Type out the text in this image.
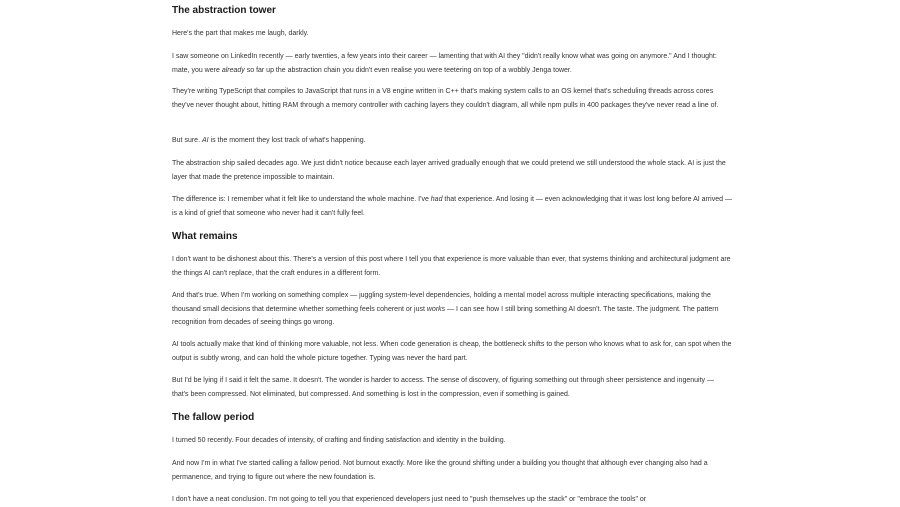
The abstraction tower

Here's the part that makes me laugh, darkly.

I saw someone on LinkedIn recently — early twenties, a few years into their career — lamenting that with AI they "didn't really know what was going on anymore." And I thought: mate, you were already so far up the abstraction chain you didn't even realise you were teetering on top of a wobbly Jenga tower.

They're writing TypeScript that compiles to JavaScript that runs in a V8 engine written in C++ that's making system calls to an OS kernel that's scheduling threads across cores they've never thought about, hitting RAM through a memory controller with caching layers they couldn't diagram, all while npm pulls in 400 packages they've never read a line of.

But sure. AI is the moment they lost track of what's happening.

The abstraction ship sailed decades ago. We just didn't notice because each layer arrived gradually enough that we could pretend we still understood the whole stack. AI is just the layer that made the pretence impossible to maintain.

The difference is: I remember what it felt like to understand the whole machine. I've had that experience. And losing it — even acknowledging that it was lost long before AI arrived — is a kind of grief that someone who never had it can't fully feel.

What remains

I don't want to be dishonest about this. There's a version of this post where I tell you that experience is more valuable than ever, that systems thinking and architectural judgment are the things AI can't replace, that the craft endures in a different form.

And that's true. When I'm working on something complex — juggling system-level dependencies, holding a mental model across multiple interacting specifications, making the thousand small decisions that determine whether something feels coherent or just works — I can see how I still bring something AI doesn't. The taste. The judgment. The pattern recognition from decades of seeing things go wrong.

AI tools actually make that kind of thinking more valuable, not less. When code generation is cheap, the bottleneck shifts to the person who knows what to ask for, can spot when the output is subtly wrong, and can hold the whole picture together. Typing was never the hard part.

But I'd be lying if I said it felt the same. It doesn't. The wonder is harder to access. The sense of discovery, of figuring something out through sheer persistence and ingenuity — that's been compressed. Not eliminated, but compressed. And something is lost in the compression, even if something is gained.

The fallow period

I turned 50 recently. Four decades of intensity, of crafting and finding satisfaction and identity in the building.

And now I'm in what I've started calling a fallow period. Not burnout exactly. More like the ground shifting under a building you thought that although ever changing also had a permanence, and trying to figure out where the new foundation is.

I don't have a neat conclusion. I'm not going to tell you that experienced developers just need to "push themselves up the stack" or "embrace the tools" or
